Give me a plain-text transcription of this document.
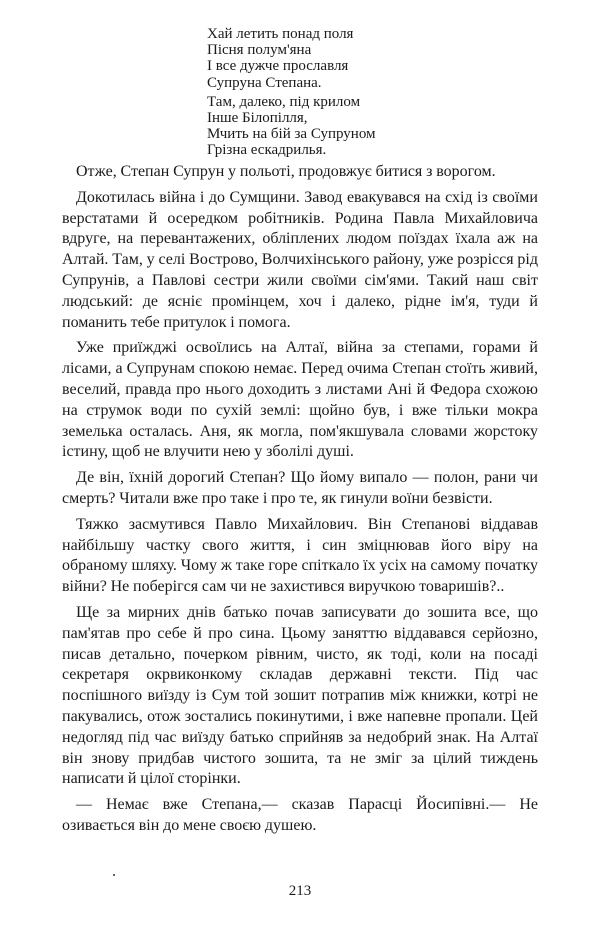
Хай летить понад поля
Пісня полум'яна
І все дужче прославля
Супруна Степана.
Там, далеко, під крилом
Інше Білопілля,
Мчить на бій за Супруном
Грізна ескадрилья.

Отже, Степан Супрун у польоті, продовжує битися з ворогом.

Докотилась війна і до Сумщини. Завод евакувався на схід із своїми верстатами й осередком робітників. Родина Павла Михайловича вдруге, на перевантажених, обліплених людом поїздах їхала аж на Алтай. Там, у селі Вострово, Волчихінського району, уже розрісся рід Супрунів, а Павлові сестри жили своїми сім'ями. Такий наш світ людський: де ясніє промінцем, хоч і далеко, рідне ім'я, туди й поманить тебе притулок і помога.

Уже приїжджі освоїлись на Алтаї, війна за степами, горами й лісами, а Супрунам спокою немає. Перед очима Степан стоїть живий, веселий, правда про нього доходить з листами Ані й Федора схожою на струмок води по сухій землі: щойно був, і вже тільки мокра земелька осталась. Аня, як могла, пом'якшувала словами жорстоку істину, щоб не влучити нею у зболілі душі.

Де він, їхній дорогий Степан? Що йому випало — полон, рани чи смерть? Читали вже про таке і про те, як гинули воїни безвісти.

Тяжко засмутився Павло Михайлович. Він Степанові віддавав найбільшу частку свого життя, і син зміцнював його віру на обраному шляху. Чому ж таке горе спіткало їх усіх на самому початку війни? Не поберігся сам чи не захистився виручкою товаришів?..

Ще за мирних днів батько почав записувати до зошита все, що пам'ятав про себе й про сина. Цьому заняттю віддавався серйозно, писав детально, почерком рівним, чисто, як тоді, коли на посаді секретаря окрвиконкому складав державні тексти. Під час поспішного виїзду із Сум той зошит потрапив між книжки, котрі не пакувались, отож зостались покинутими, і вже напевне пропали. Цей недогляд під час виїзду батько сприйняв за недобрий знак. На Алтаї він знову придбав чистого зошита, та не зміг за цілий тиждень написати й цілої сторінки.

— Немає вже Степана,— сказав Парасці Йосипівні.— Не озивається він до мене своєю душею.

213
